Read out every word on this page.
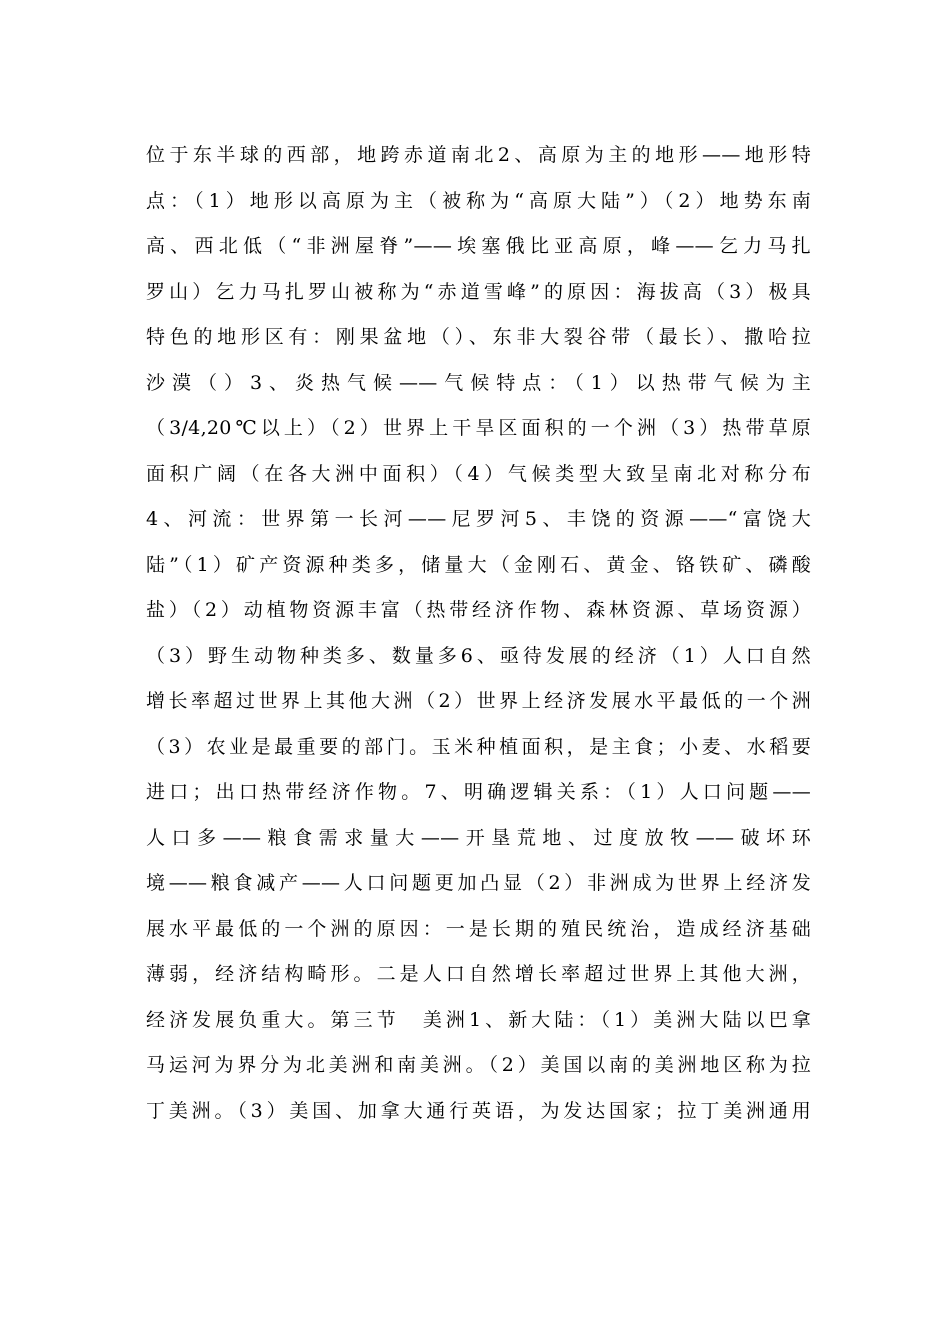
位于东半球的西部，地跨赤道南北2、高原为主的地形——地形特
点：（1）地形以高原为主（被称为“高原大陆”）（2）地势东南
高、西北低（“非洲屋脊”——埃塞俄比亚高原，峰——乞力马扎
罗山）乞力马扎罗山被称为“赤道雪峰”的原因：海拔高（3）极具
特色的地形区有：刚果盆地（）、东非大裂谷带（最长）、撒哈拉
沙漠（）3、炎热气候——气候特点：（1）以热带气候为主
（3/4,20℃以上）（2）世界上干旱区面积的一个洲（3）热带草原
面积广阔（在各大洲中面积）（4）气候类型大致呈南北对称分布
4、河流：世界第一长河——尼罗河5、丰饶的资源——“富饶大
陆”（1）矿产资源种类多，储量大（金刚石、黄金、铬铁矿、磷酸
盐）（2）动植物资源丰富（热带经济作物、森林资源、草场资源）
（3）野生动物种类多、数量多6、亟待发展的经济（1）人口自然
增长率超过世界上其他大洲（2）世界上经济发展水平最低的一个洲
（3）农业是最重要的部门。玉米种植面积，是主食；小麦、水稻要
进口；出口热带经济作物。7、明确逻辑关系：（1）人口问题——
人口多——粮食需求量大——开垦荒地、过度放牧——破坏环
境——粮食减产——人口问题更加凸显（2）非洲成为世界上经济发
展水平最低的一个洲的原因：一是长期的殖民统治，造成经济基础
薄弱，经济结构畸形。二是人口自然增长率超过世界上其他大洲，
经济发展负重大。第三节　美洲1、新大陆：（1）美洲大陆以巴拿
马运河为界分为北美洲和南美洲。（2）美国以南的美洲地区称为拉
丁美洲。（3）美国、加拿大通行英语，为发达国家；拉丁美洲通用
